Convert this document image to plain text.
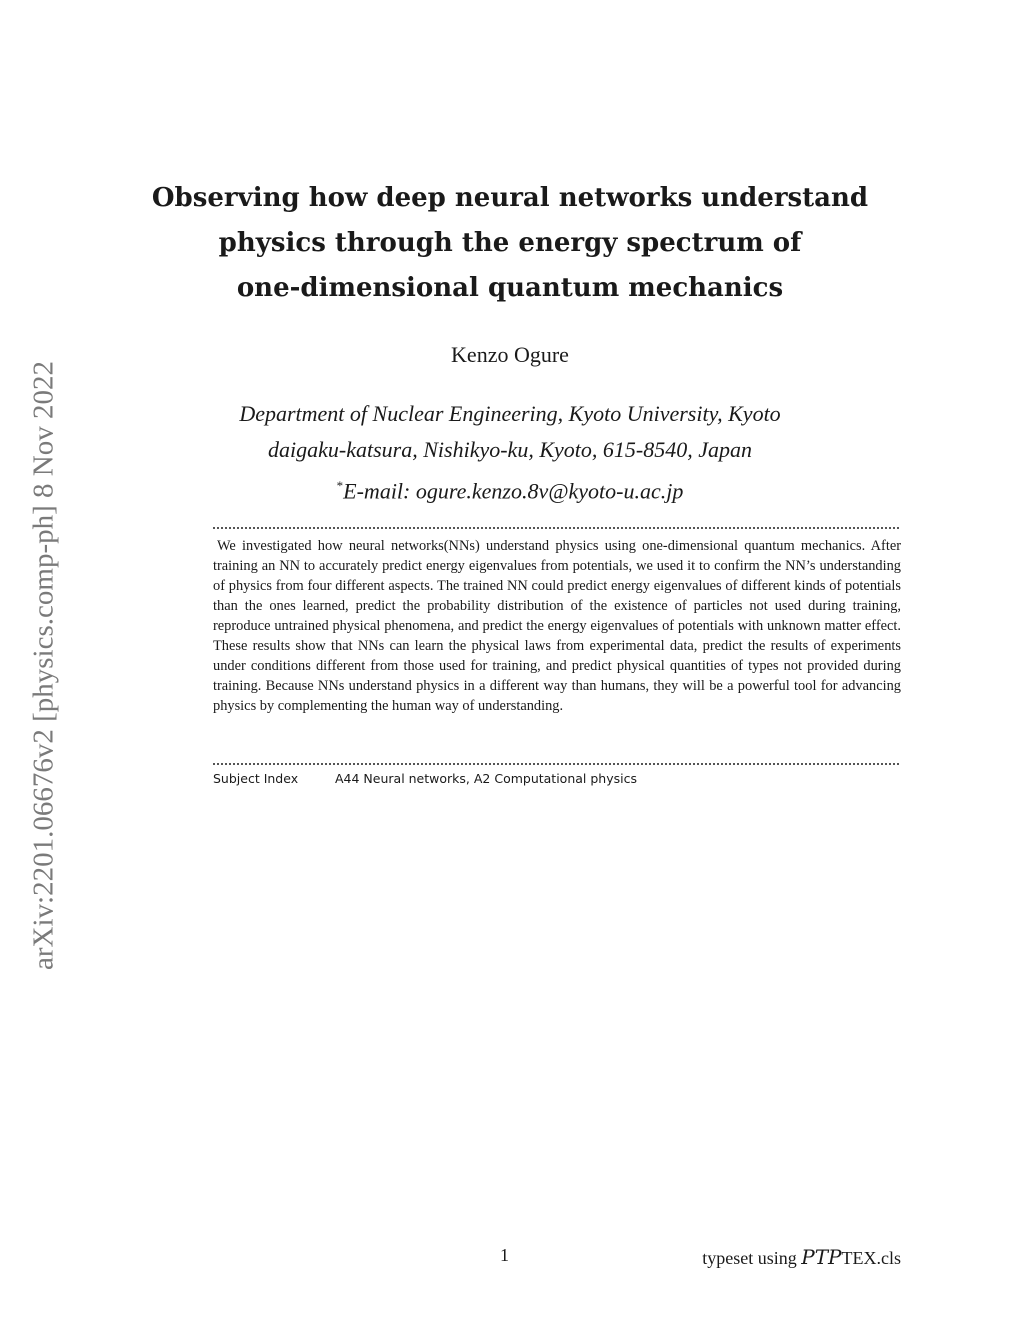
arXiv:2201.06676v2 [physics.comp-ph] 8 Nov 2022
Observing how deep neural networks understand
physics through the energy spectrum of
one-dimensional quantum mechanics
Kenzo Ogure
Department of Nuclear Engineering, Kyoto University, Kyoto
daigaku-katsura, Nishikyo-ku, Kyoto, 615-8540, Japan
*E-mail: ogure.kenzo.8v@kyoto-u.ac.jp

We investigated how neural networks(NNs) understand physics using one-dimensional quantum mechanics. After training an NN to accurately predict energy eigenvalues from potentials, we used it to confirm the NN’s understanding of physics from four different aspects. The trained NN could predict energy eigenvalues of different kinds of potentials than the ones learned, predict the probability distribution of the existence of particles not used during training, reproduce untrained physical phenomena, and predict the energy eigenvalues of potentials with unknown matter effect. These results show that NNs can learn the physical laws from experimental data, predict the results of experiments under conditions different from those used for training, and predict physical quantities of types not provided during training. Because NNs understand physics in a different way than humans, they will be a powerful tool for advancing physics by complementing the human way of understanding.

Subject Index	A44 Neural networks, A2 Computational physics
1	typeset using PTPTEX.cls
